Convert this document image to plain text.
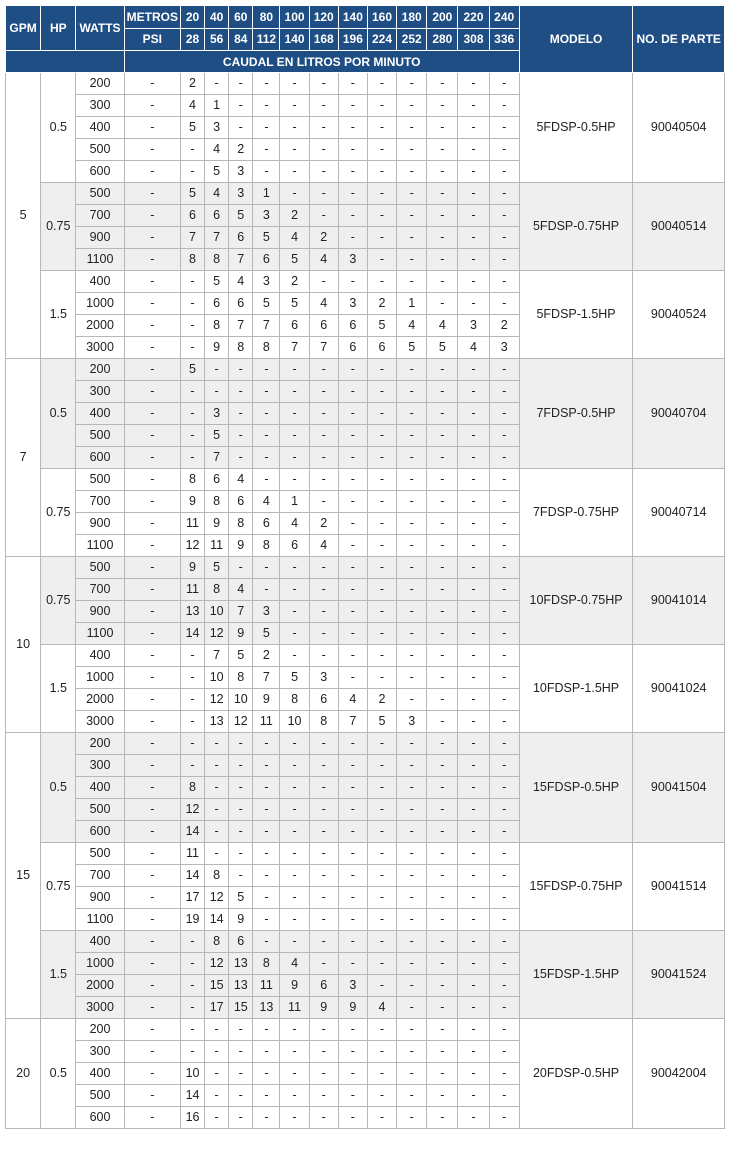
GPM	HP	WATTS	METROS	20	40	60	80	100	120	140	160	180	200	220	240	MODELO	NO. DE PARTE
			PSI	28	56	84	112	140	168	196	224	252	280	308	336		
			CAUDAL EN LITROS POR MINUTO														
5	0.5	200	-	2	-	-	-	-	-	-	-	-	-	-	-	5FDSP-0.5HP	90040504
		300	-	4	1	-	-	-	-	-	-	-	-	-	-		
		400	-	5	3	-	-	-	-	-	-	-	-	-	-		
		500	-	-	4	2	-	-	-	-	-	-	-	-	-		
		600	-	-	5	3	-	-	-	-	-	-	-	-	-		
	0.75	500	-	5	4	3	1	-	-	-	-	-	-	-	-	5FDSP-0.75HP	90040514
		700	-	6	6	5	3	2	-	-	-	-	-	-	-		
		900	-	7	7	6	5	4	2	-	-	-	-	-	-		
		1100	-	8	8	7	6	5	4	3	-	-	-	-	-		
	1.5	400	-	-	5	4	3	2	-	-	-	-	-	-	-	5FDSP-1.5HP	90040524
		1000	-	-	6	6	5	5	4	3	2	1	-	-	-		
		2000	-	-	8	7	7	6	6	6	5	4	4	3	2		
		3000	-	-	9	8	8	7	7	6	6	5	5	4	3		
7	0.5	200	-	5	-	-	-	-	-	-	-	-	-	-	-	7FDSP-0.5HP	90040704
		300	-	-	-	-	-	-	-	-	-	-	-	-	-		
		400	-	-	3	-	-	-	-	-	-	-	-	-	-		
		500	-	-	5	-	-	-	-	-	-	-	-	-	-		
		600	-	-	7	-	-	-	-	-	-	-	-	-	-		
	0.75	500	-	8	6	4	-	-	-	-	-	-	-	-	-	7FDSP-0.75HP	90040714
		700	-	9	8	6	4	1	-	-	-	-	-	-	-		
		900	-	11	9	8	6	4	2	-	-	-	-	-	-		
		1100	-	12	11	9	8	6	4	-	-	-	-	-	-		
10	0.75	500	-	9	5	-	-	-	-	-	-	-	-	-	-	10FDSP-0.75HP	90041014
		700	-	11	8	4	-	-	-	-	-	-	-	-	-		
		900	-	13	10	7	3	-	-	-	-	-	-	-	-		
		1100	-	14	12	9	5	-	-	-	-	-	-	-	-		
	1.5	400	-	-	7	5	2	-	-	-	-	-	-	-	-	10FDSP-1.5HP	90041024
		1000	-	-	10	8	7	5	3	-	-	-	-	-	-		
		2000	-	-	12	10	9	8	6	4	2	-	-	-	-		
		3000	-	-	13	12	11	10	8	7	5	3	-	-	-		
15	0.5	200	-	-	-	-	-	-	-	-	-	-	-	-	-	15FDSP-0.5HP	90041504
		300	-	-	-	-	-	-	-	-	-	-	-	-	-		
		400	-	8	-	-	-	-	-	-	-	-	-	-	-		
		500	-	12	-	-	-	-	-	-	-	-	-	-	-		
		600	-	14	-	-	-	-	-	-	-	-	-	-	-		
	0.75	500	-	11	-	-	-	-	-	-	-	-	-	-	-	15FDSP-0.75HP	90041514
		700	-	14	8	-	-	-	-	-	-	-	-	-	-		
		900	-	17	12	5	-	-	-	-	-	-	-	-	-		
		1100	-	19	14	9	-	-	-	-	-	-	-	-	-		
	1.5	400	-	-	8	6	-	-	-	-	-	-	-	-	-	15FDSP-1.5HP	90041524
		1000	-	-	12	13	8	4	-	-	-	-	-	-	-		
		2000	-	-	15	13	11	9	6	3	-	-	-	-	-		
		3000	-	-	17	15	13	11	9	9	4	-	-	-	-		
20	0.5	200	-	-	-	-	-	-	-	-	-	-	-	-	-	20FDSP-0.5HP	90042004
		300	-	-	-	-	-	-	-	-	-	-	-	-	-		
		400	-	10	-	-	-	-	-	-	-	-	-	-	-		
		500	-	14	-	-	-	-	-	-	-	-	-	-	-		
		600	-	16	-	-	-	-	-	-	-	-	-	-	-		
